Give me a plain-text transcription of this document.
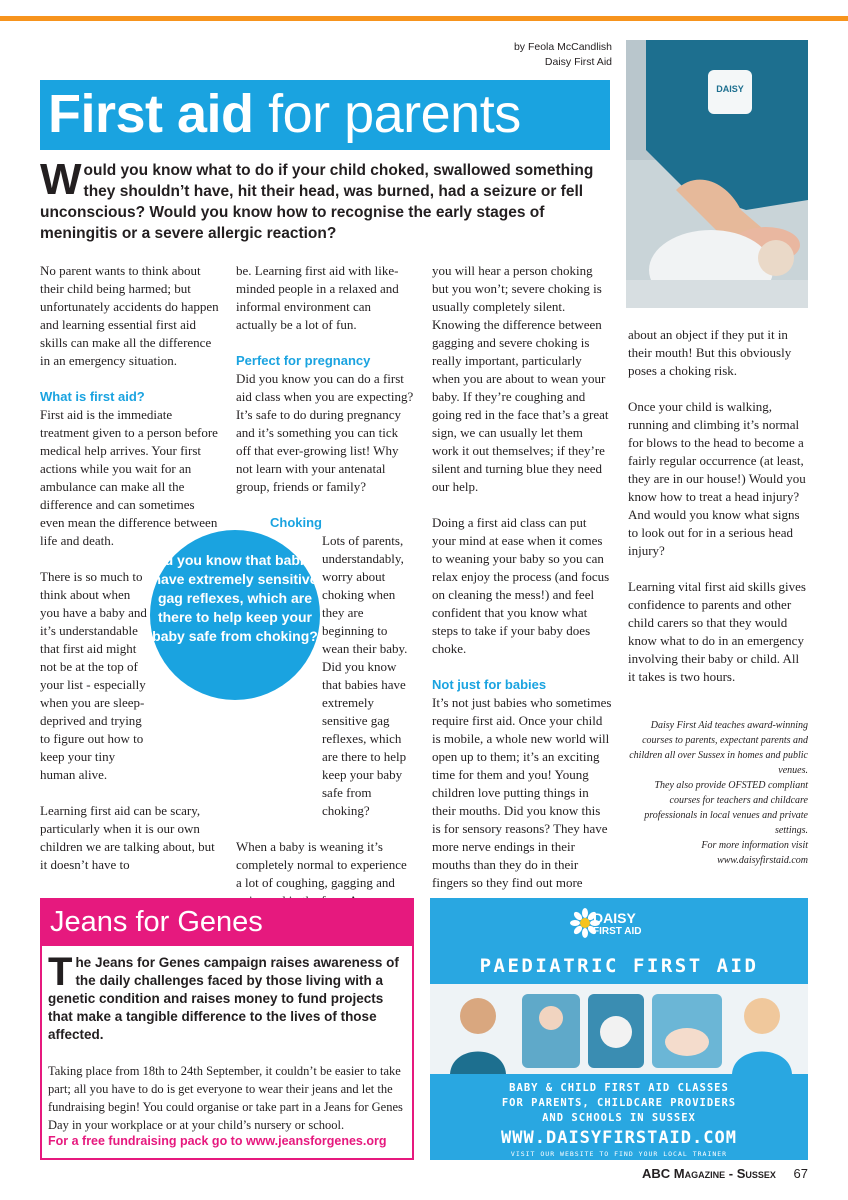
by Feola McCandlish
Daisy First Aid
First aid for parents	DAISY
Would you know what to do if your child choked, swallowed something they shouldn’t have, hit their head, was burned, had a seizure or fell unconscious? Would you know how to recognise the early stages of meningitis or a severe allergic reaction?

No parent wants to think about their child being harmed; but unfortunately accidents do happen and learning essential first aid skills can make all the difference in an emergency situation.

What is first aid?

First aid is the immediate treatment given to a person before medical help arrives. Your first actions while you wait for an ambulance can make all the difference and can sometimes even mean the difference between life and death.

There is so much to think about when you have a baby and it’s understandable that first aid might not be at the top of your list - especially when you are sleep-deprived and trying to figure out how to keep your tiny human alive.

Learning first aid can be scary, particularly when it is our own children we are talking about, but it doesn’t have to

be. Learning first aid with like-minded people in a relaxed and informal environment can actually be a lot of fun.

Perfect for pregnancy

Did you know you can do a first aid class when you are expecting? It’s safe to do during pregnancy and it’s something you can tick off that ever-growing list! Why not learn with your antenatal group, friends or family?

Choking

Lots of parents, understandably, worry about choking when they are beginning to wean their baby. Did you know that babies have extremely sensitive gag reflexes, which are there to help keep your baby safe from choking?

When a baby is weaning it’s completely normal to experience a lot of coughing, gagging and

you will hear a person choking but you won’t; severe choking is usually completely silent. Knowing the difference between gagging and severe choking is really important, particularly when you are about to wean your baby. If they’re coughing and going red in the face that’s a great sign, we can usually let them work it out themselves; if they’re silent and turning blue they need our help.

Doing a first aid class can put your mind at ease when it comes to weaning your baby so you can relax enjoy the process (and focus on cleaning the mess!) and feel confident that you know what steps to take if your baby does choke.

Not just for babies

It’s not just babies who sometimes require first aid. Once your child is mobile, a whole new world will open up to them; it’s an exciting time for them and you! Young children love putting things in their mouths. Did you know this is for sensory reasons? They have more nerve endings in their mouths than they do in their fingers so they find out more

about an object if they put it in their mouth! But this obviously poses a choking risk.

Once your child is walking, running and climbing it’s normal for blows to the head to become a fairly regular occurrence (at least, they are in our house!) Would you know how to treat a head injury? And would you know what signs to look out for in a serious head injury?

Learning vital first aid skills gives confidence to parents and other child carers so that they would know what to do in an emergency involving their baby or child. All it takes is two hours.

Did you know that babies have extremely sensitive gag reflexes, which are there to help keep your baby safe from choking?
Daisy First Aid teaches award-winning courses to parents, expectant parents and children all over Sussex in homes and public venues.
They also provide OFSTED compliant courses for teachers and childcare professionals in local venues and private settings.
For more information visit www.daisyfirstaid.com
Jeans for Genes
The Jeans for Genes campaign raises awareness of the daily challenges faced by those living with a genetic condition and raises money to fund projects that make a tangible difference to the lives of those affected.
Taking place from 18th to 24th September, it couldn’t be easier to take part; all you have to do is get everyone to wear their jeans and let the fundraising begin! You could organise or take part in a Jeans for Genes Day in your workplace or at your child’s nursery or school.
For a free fundraising pack go to www.jeansforgenes.org
DAISY
FIRST AID
PAEDIATRIC FIRST AID
BABY & CHILD FIRST AID CLASSES
FOR PARENTS, CHILDCARE PROVIDERS
AND SCHOOLS IN SUSSEX
WWW.DAISYFIRSTAID.COM
VISIT OUR WEBSITE TO FIND YOUR LOCAL TRAINER
ABC Magazine - Sussex 67
